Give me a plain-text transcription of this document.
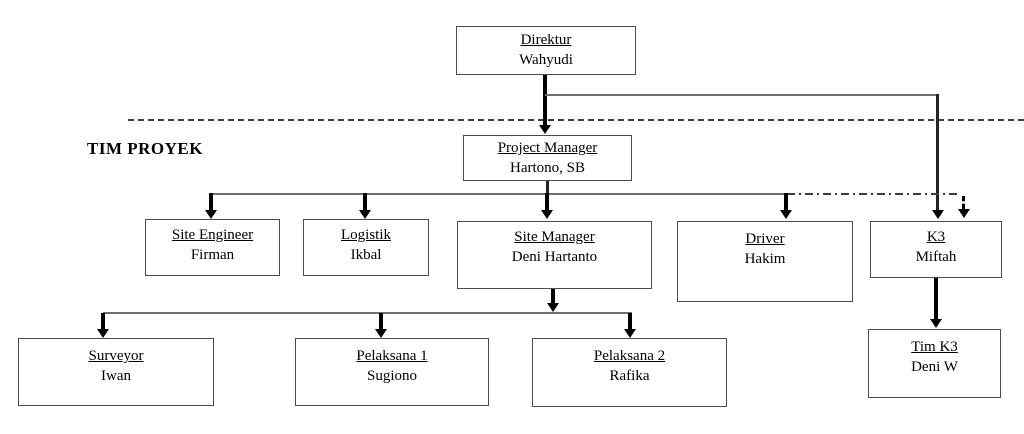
TIM PROYEK
Direktur
Wahyudi
Project Manager
Hartono, SB
Site Engineer
Firman
Logistik
Ikbal
Site Manager
Deni Hartanto
Driver
Hakim
K3
Miftah
Surveyor
Iwan
Pelaksana 1
Sugiono
Pelaksana 2
Rafika
Tim K3
Deni W
